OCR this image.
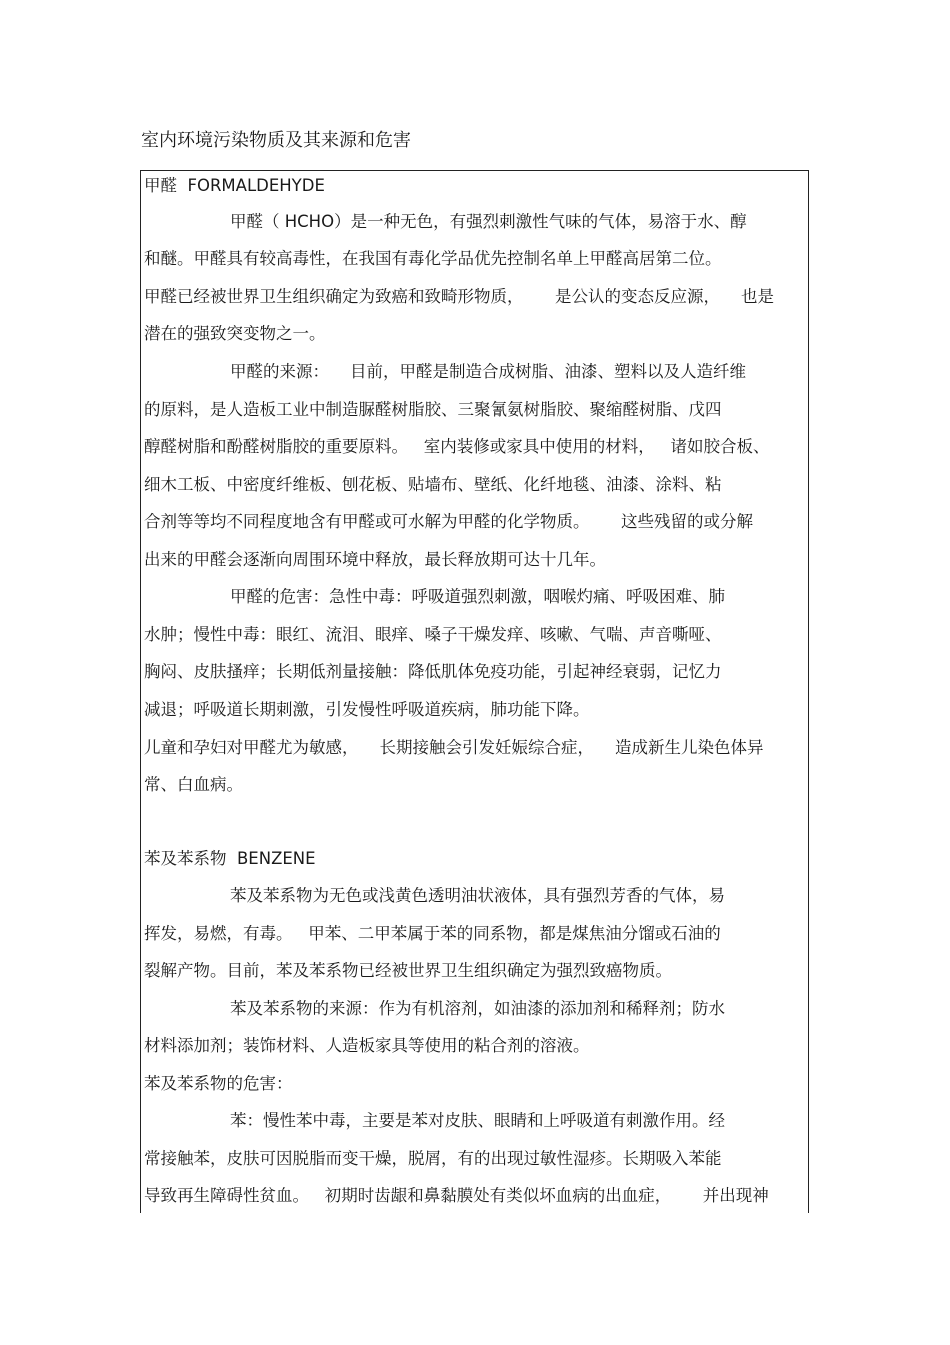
室内环境污染物质及其来源和危害
甲醛  FORMALDEHYDE
甲醛（ HCHO）是一种无色，有强烈刺激性气味的气体，易溶于水、醇
和醚。甲醛具有较高毒性，在我国有毒化学品优先控制名单上甲醛高居第二位。
甲醛已经被世界卫生组织确定为致癌和致畸形物质，      是公认的变态反应源，    也是
潜在的强致突变物之一。
甲醛的来源：    目前，甲醛是制造合成树脂、油漆、塑料以及人造纤维
的原料，是人造板工业中制造脲醛树脂胶、三聚氰氨树脂胶、聚缩醛树脂、戊四
醇醛树脂和酚醛树脂胶的重要原料。   室内装修或家具中使用的材料，   诸如胶合板、
细木工板、中密度纤维板、刨花板、贴墙布、壁纸、化纤地毯、油漆、涂料、粘
合剂等等均不同程度地含有甲醛或可水解为甲醛的化学物质。      这些残留的或分解
出来的甲醛会逐渐向周围环境中释放，最长释放期可达十几年。
甲醛的危害：急性中毒：呼吸道强烈刺激，咽喉灼痛、呼吸困难、肺
水肿；慢性中毒：眼红、流泪、眼痒、嗓子干燥发痒、咳嗽、气喘、声音嘶哑、
胸闷、皮肤搔痒；长期低剂量接触：降低肌体免疫功能，引起神经衰弱，记忆力
减退；呼吸道长期刺激，引发慢性呼吸道疾病，肺功能下降。
儿童和孕妇对甲醛尤为敏感，    长期接触会引发妊娠综合症，    造成新生儿染色体异
常、白血病。
苯及苯系物  BENZENE
苯及苯系物为无色或浅黄色透明油状液体，具有强烈芳香的气体，易
挥发，易燃，有毒。   甲苯、二甲苯属于苯的同系物，都是煤焦油分馏或石油的
裂解产物。目前，苯及苯系物已经被世界卫生组织确定为强烈致癌物质。
苯及苯系物的来源：作为有机溶剂，如油漆的添加剂和稀释剂；防水
材料添加剂；装饰材料、人造板家具等使用的粘合剂的溶液。
苯及苯系物的危害：
苯：慢性苯中毒，主要是苯对皮肤、眼睛和上呼吸道有刺激作用。经
常接触苯，皮肤可因脱脂而变干燥，脱屑，有的出现过敏性湿疹。长期吸入苯能
导致再生障碍性贫血。   初期时齿龈和鼻黏膜处有类似坏血病的出血症，      并出现神
